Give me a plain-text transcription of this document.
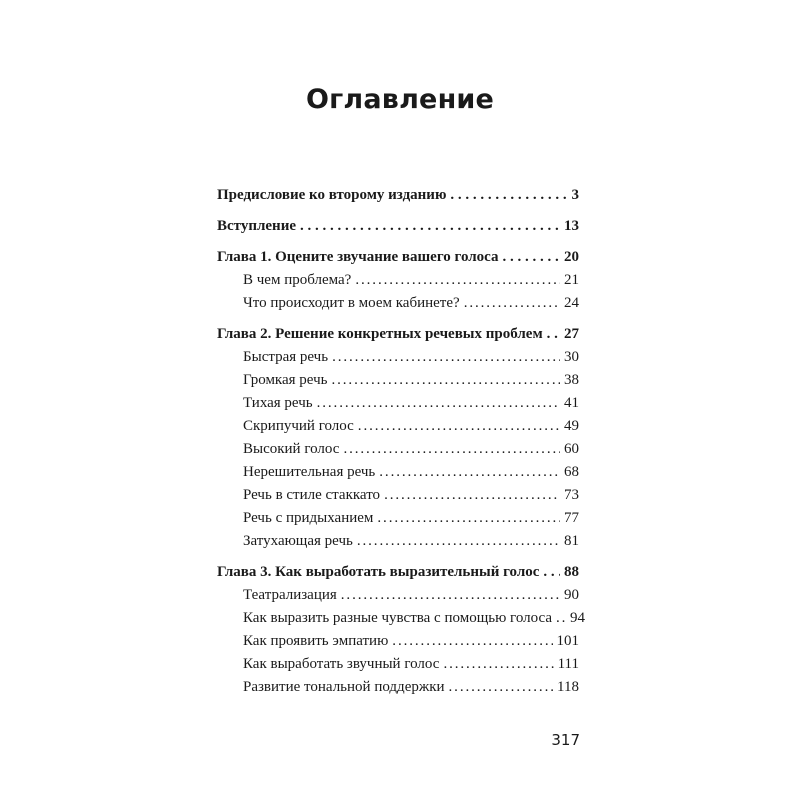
Оглавление
Предисловие ко второму изданию . . .	3
Вступление . . .	13
Глава 1. Оцените звучание вашего голоса . . .	20
В чем проблема? .....	21
Что происходит в моем кабинете? .....	24
Глава 2. Решение конкретных речевых проблем . . . 27
Быстрая речь .....	30
Громкая речь .....	38
Тихая речь .....	41
Скрипучий голос .....	49
Высокий голос .....	60
Нерешительная речь .....	68
Речь в стиле стаккато .....	73
Речь с придыханием .....	77
Затухающая речь .....	81
Глава 3. Как выработать выразительный голос . . . 88
Театрализация .....	90
Как выразить разные чувства с помощью голоса ..... 94
Как проявить эмпатию .....	101
Как выработать звучный голос .....	111
Развитие тональной поддержки .....	118
317
